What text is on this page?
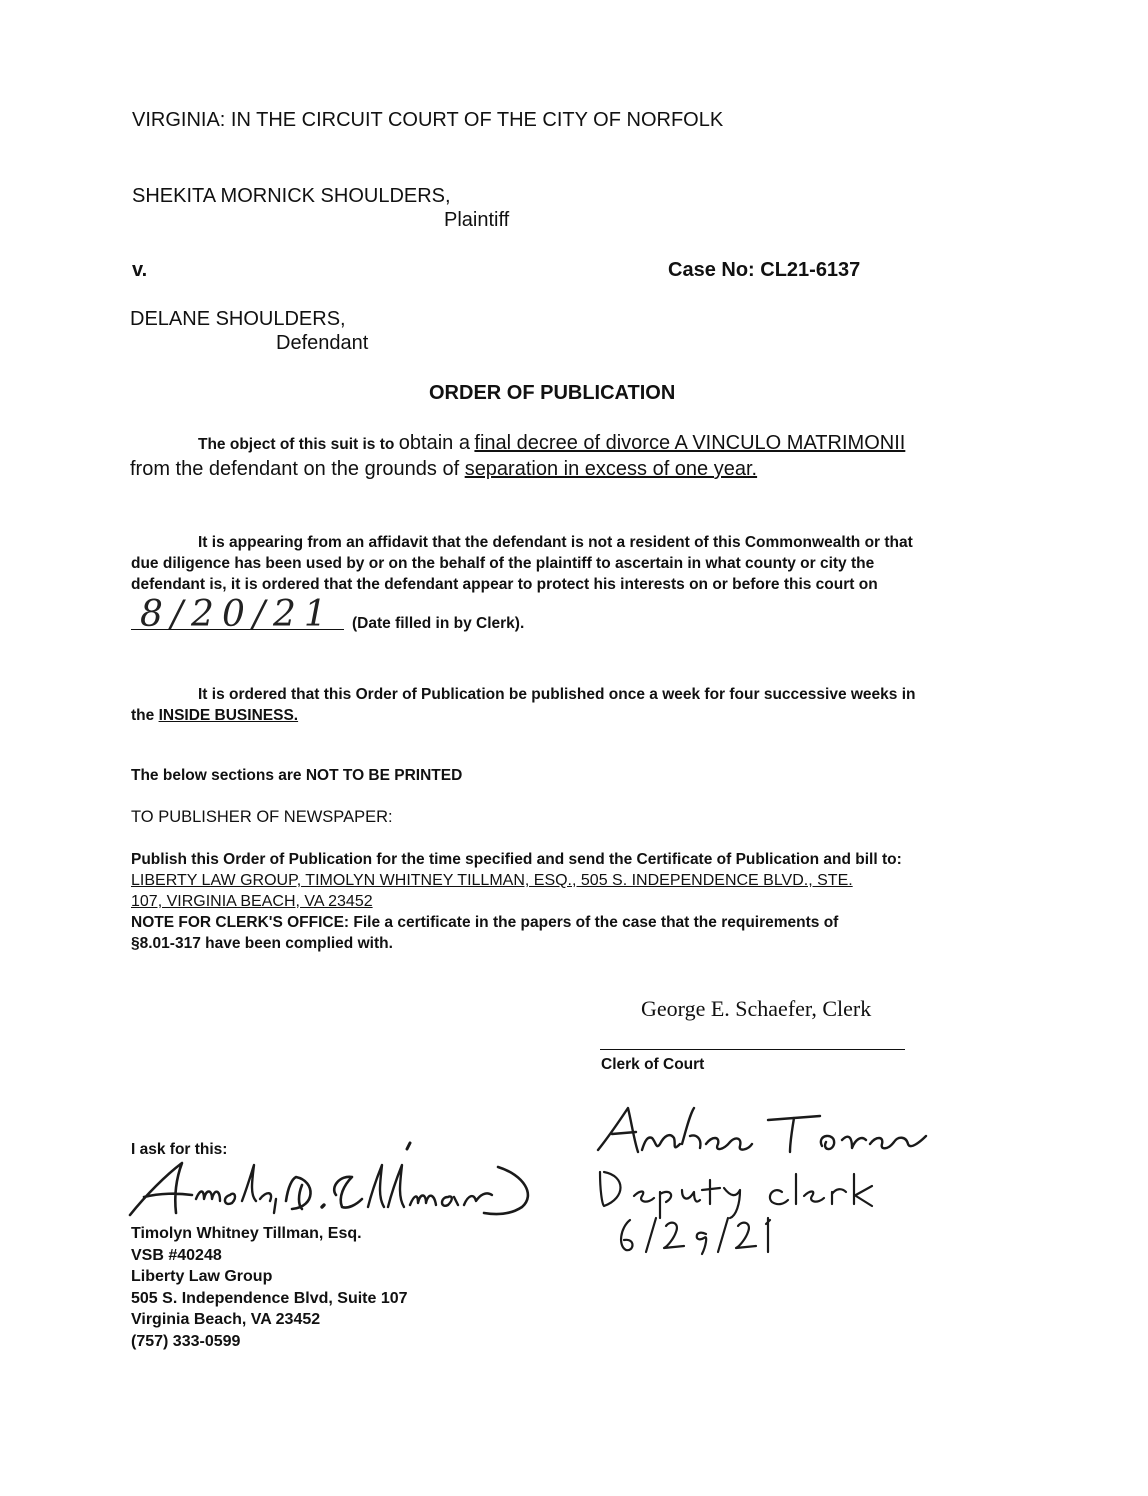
VIRGINIA: IN THE CIRCUIT COURT OF THE CITY OF NORFOLK
SHEKITA MORNICK SHOULDERS,
Plaintiff
v.	Case No: CL21-6137
DELANE SHOULDERS,
Defendant
ORDER OF PUBLICATION
The object of this suit is to obtain a final decree of divorce A VINCULO MATRIMONII
from the defendant on the grounds of separation in excess of one year.
It is appearing from an affidavit that the defendant is not a resident of this Commonwealth or that
due diligence has been used by or on the behalf of the plaintiff to ascertain in what county or city the
defendant is, it is ordered that the defendant appear to protect his interests on or before this court on
8/20/21 (Date filled in by Clerk).
It is ordered that this Order of Publication be published once a week for four successive weeks in
the INSIDE BUSINESS.
The below sections are NOT TO BE PRINTED
TO PUBLISHER OF NEWSPAPER:
Publish this Order of Publication for the time specified and send the Certificate of Publication and bill to:
LIBERTY LAW GROUP, TIMOLYN WHITNEY TILLMAN, ESQ., 505 S. INDEPENDENCE BLVD., STE.
107, VIRGINIA BEACH, VA 23452
NOTE FOR CLERK'S OFFICE: File a certificate in the papers of the case that the requirements of
§8.01-317 have been complied with.
George E. Schaefer, Clerk
Clerk of Court
I ask for this:
Timolyn Whitney Tillman, Esq.
VSB #40248
Liberty Law Group
505 S. Independence Blvd, Suite 107
Virginia Beach, VA 23452
(757) 333-0599
